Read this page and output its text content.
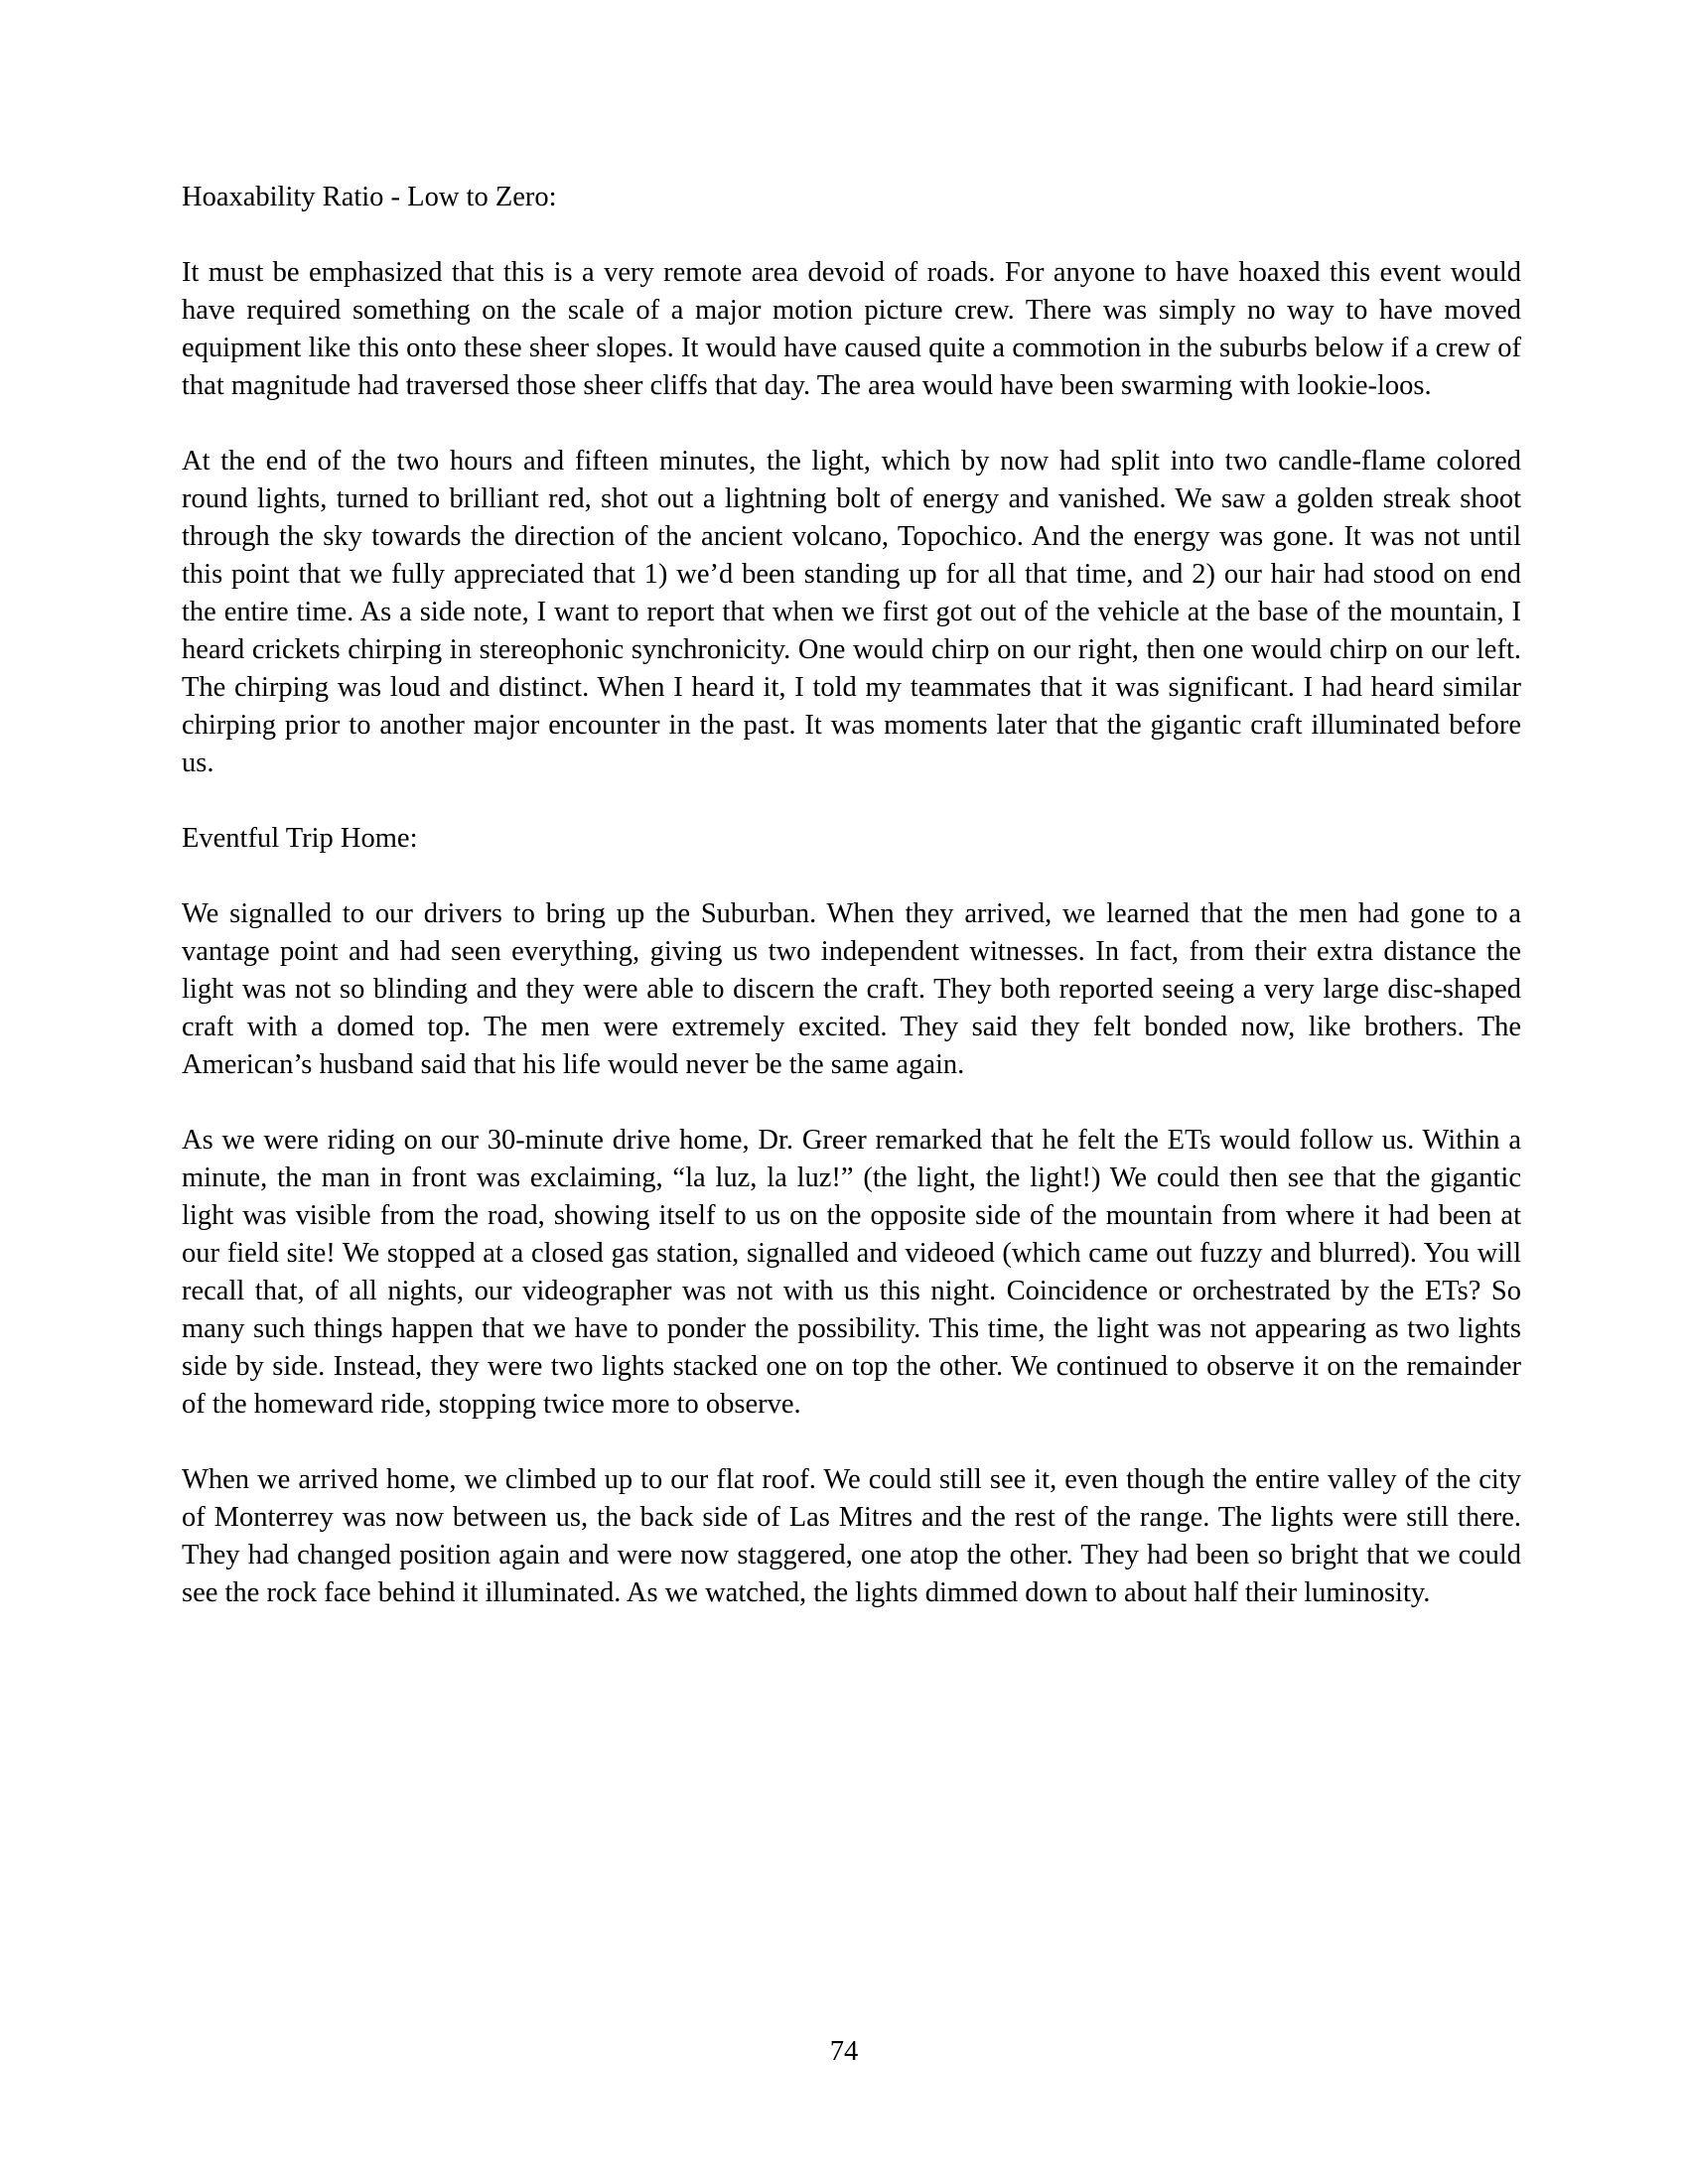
Hoaxability Ratio - Low to Zero:

It must be emphasized that this is a very remote area devoid of roads. For anyone to have hoaxed this event would have required something on the scale of a major motion picture crew. There was simply no way to have moved equipment like this onto these sheer slopes. It would have caused quite a commotion in the suburbs below if a crew of that magnitude had traversed those sheer cliffs that day. The area would have been swarming with lookie-loos.

At the end of the two hours and fifteen minutes, the light, which by now had split into two candle-flame colored round lights, turned to brilliant red, shot out a lightning bolt of energy and vanished. We saw a golden streak shoot through the sky towards the direction of the ancient volcano, Topochico. And the energy was gone. It was not until this point that we fully appreciated that 1) we’d been standing up for all that time, and 2) our hair had stood on end the entire time. As a side note, I want to report that when we first got out of the vehicle at the base of the mountain, I heard crickets chirping in stereophonic synchronicity. One would chirp on our right, then one would chirp on our left. The chirping was loud and distinct. When I heard it, I told my teammates that it was significant. I had heard similar chirping prior to another major encounter in the past. It was moments later that the gigantic craft illuminated before us.

Eventful Trip Home:

We signalled to our drivers to bring up the Suburban. When they arrived, we learned that the men had gone to a vantage point and had seen everything, giving us two independent witnesses. In fact, from their extra distance the light was not so blinding and they were able to discern the craft. They both reported seeing a very large disc-shaped craft with a domed top. The men were extremely excited. They said they felt bonded now, like brothers. The American’s husband said that his life would never be the same again.

As we were riding on our 30-minute drive home, Dr. Greer remarked that he felt the ETs would follow us. Within a minute, the man in front was exclaiming, “la luz, la luz!” (the light, the light!) We could then see that the gigantic light was visible from the road, showing itself to us on the opposite side of the mountain from where it had been at our field site! We stopped at a closed gas station, signalled and videoed (which came out fuzzy and blurred). You will recall that, of all nights, our videographer was not with us this night. Coincidence or orchestrated by the ETs? So many such things happen that we have to ponder the possibility. This time, the light was not appearing as two lights side by side. Instead, they were two lights stacked one on top the other. We continued to observe it on the remainder of the homeward ride, stopping twice more to observe.

When we arrived home, we climbed up to our flat roof. We could still see it, even though the entire valley of the city of Monterrey was now between us, the back side of Las Mitres and the rest of the range. The lights were still there. They had changed position again and were now staggered, one atop the other. They had been so bright that we could see the rock face behind it illuminated. As we watched, the lights dimmed down to about half their luminosity.

74
